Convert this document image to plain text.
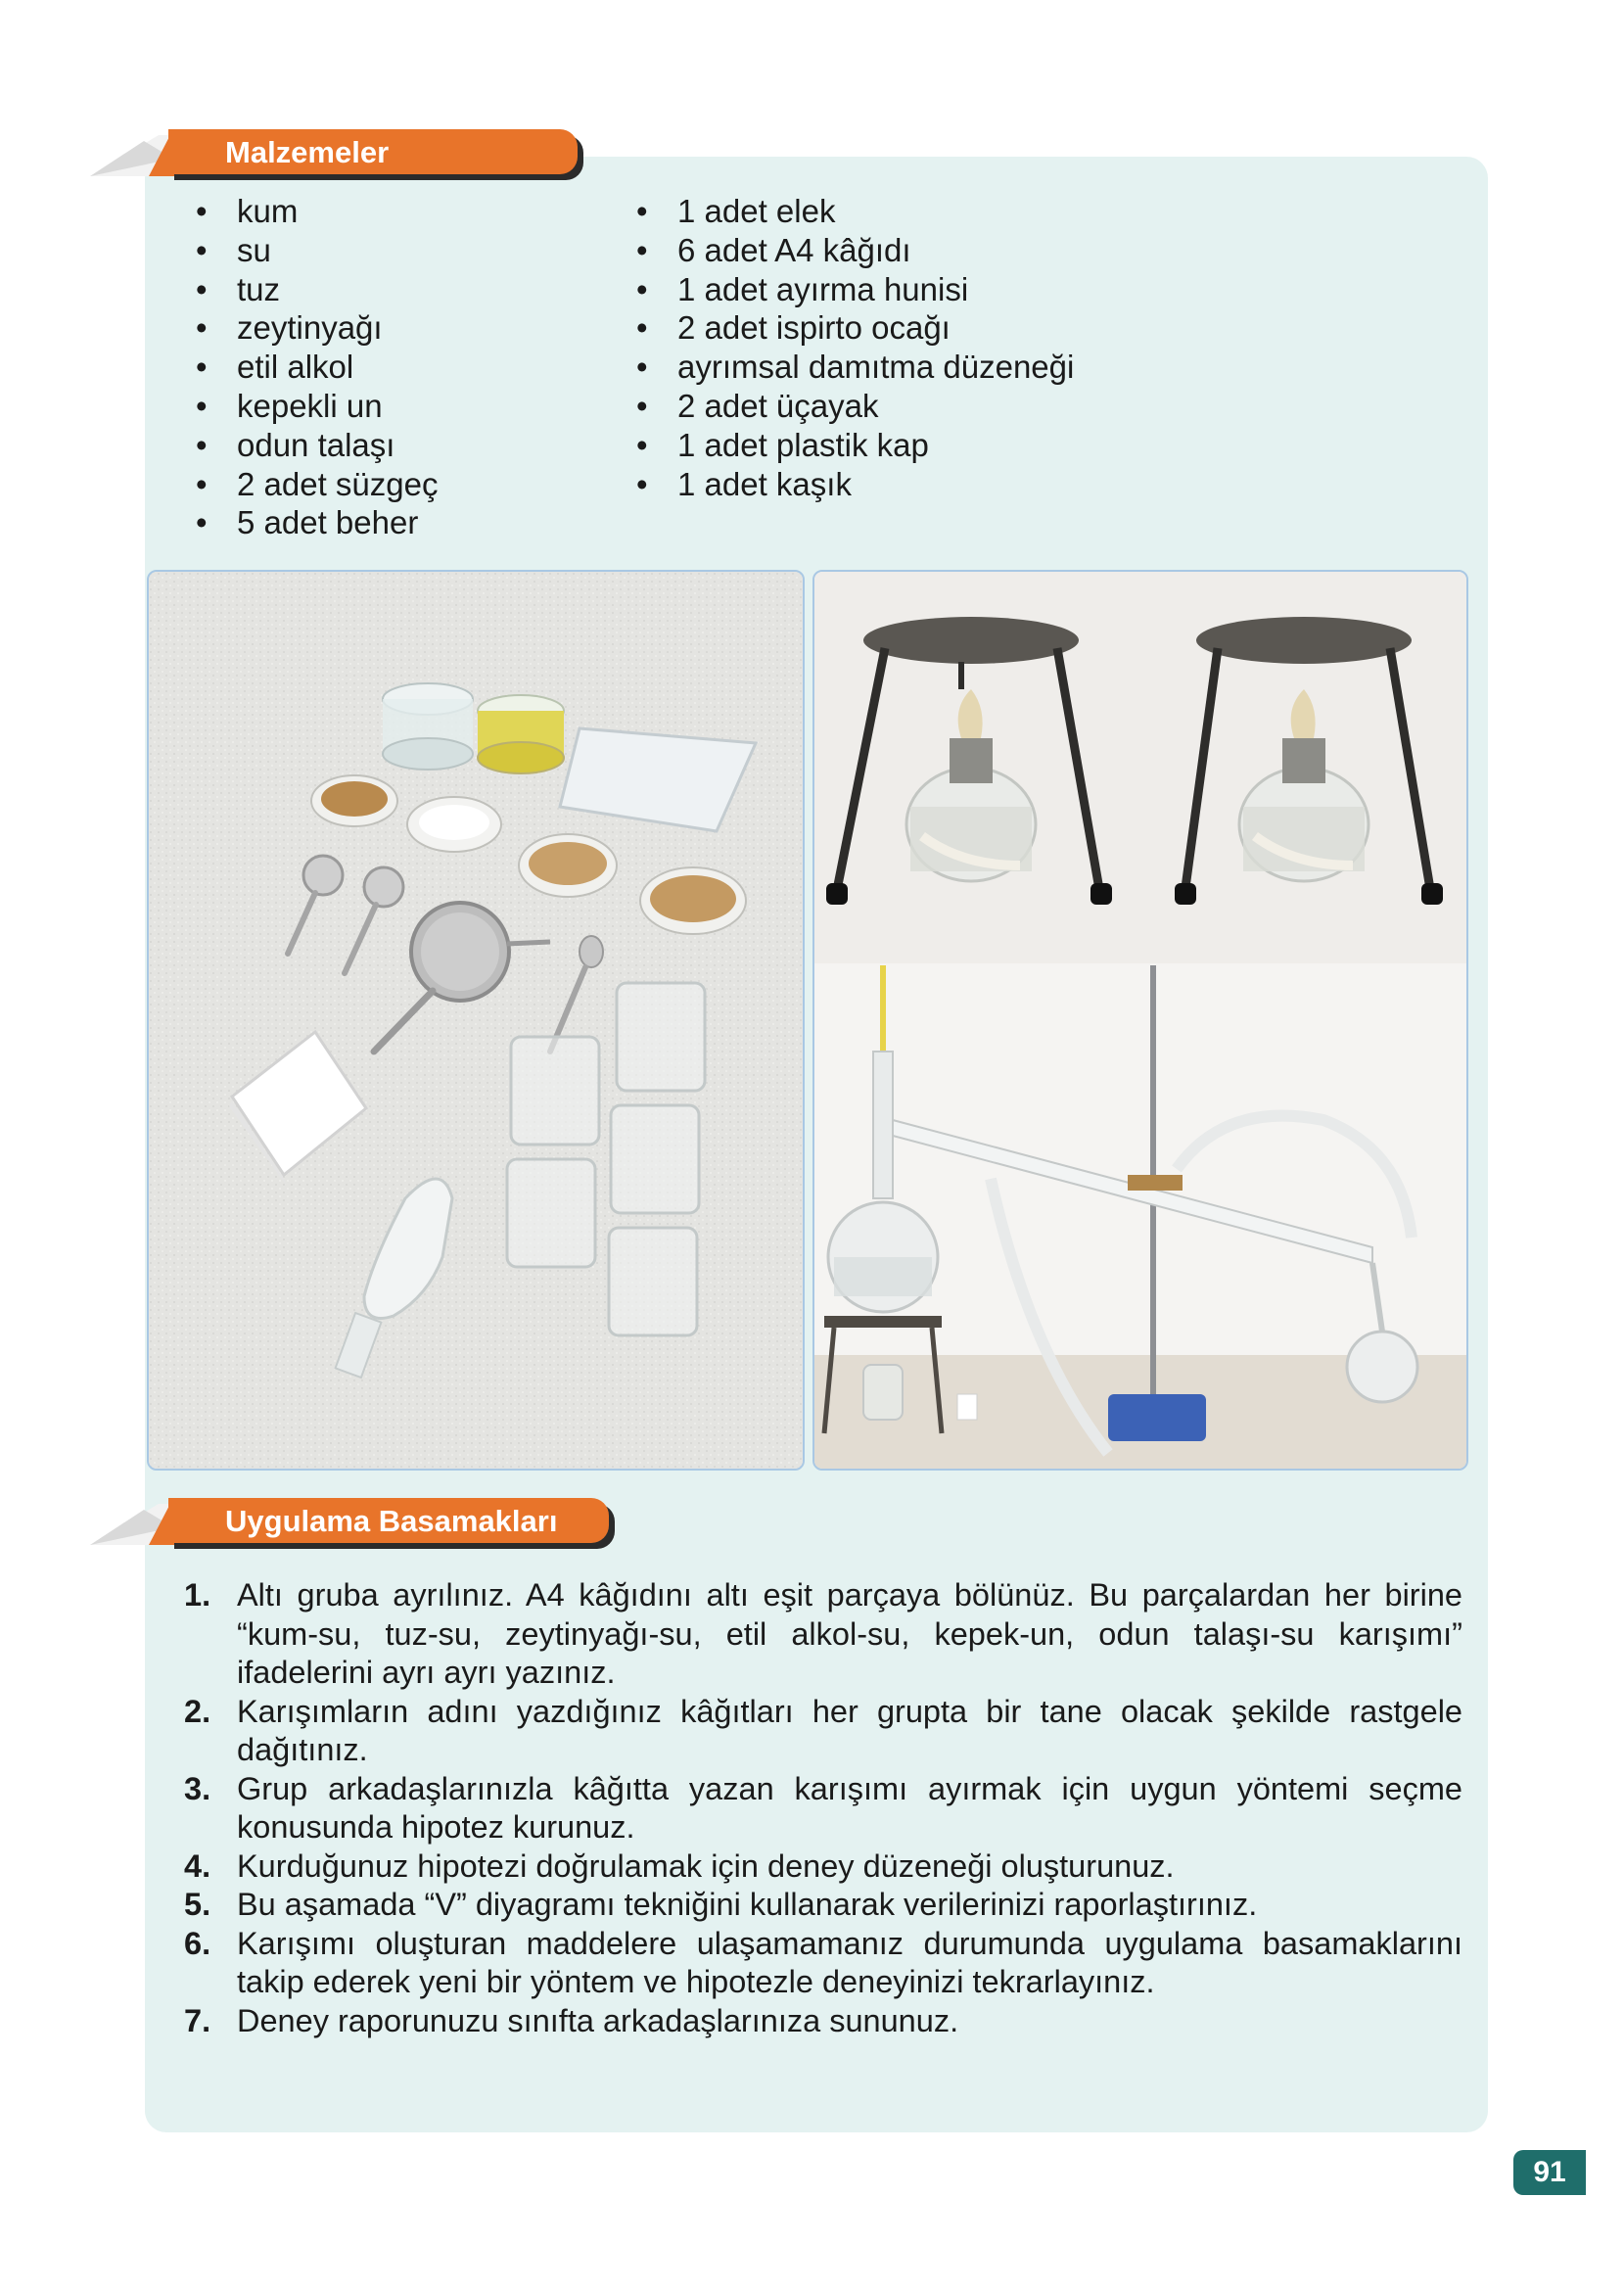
Malzemeler
• kum
• su
• tuz
• zeytinyağı
• etil alkol
• kepekli un
• odun talaşı
• 2 adet süzgeç
• 5 adet beher
• 1 adet elek
• 6 adet A4 kâğıdı
• 1 adet ayırma hunisi
• 2 adet ispirto ocağı
• ayrımsal damıtma düzeneği
• 2 adet üçayak
• 1 adet plastik kap
• 1 adet kaşık
Uygulama Basamakları
1. Altı gruba ayrılınız. A4 kâğıdını altı eşit parçaya bölünüz. Bu parçalardan her birine “kum-su, tuz-su, zeytinyağı-su, etil alkol-su, kepek-un, odun talaşı-su karışımı” ifadelerini ayrı ayrı yazınız.
2. Karışımların adını yazdığınız kâğıtları her grupta bir tane olacak şekilde rastgele dağıtınız.
3. Grup arkadaşlarınızla kâğıtta yazan karışımı ayırmak için uygun yöntemi seçme konusunda hipotez kurunuz.
4. Kurduğunuz hipotezi doğrulamak için deney düzeneği oluşturunuz.
5. Bu aşamada “V” diyagramı tekniğini kullanarak verilerinizi raporlaştırınız.
6. Karışımı oluşturan maddelere ulaşamamanız durumunda uygulama basamaklarını takip ederek yeni bir yöntem ve hipotezle deneyinizi tekrarlayınız.
7. Deney raporunuzu sınıfta arkadaşlarınıza sununuz.
91
